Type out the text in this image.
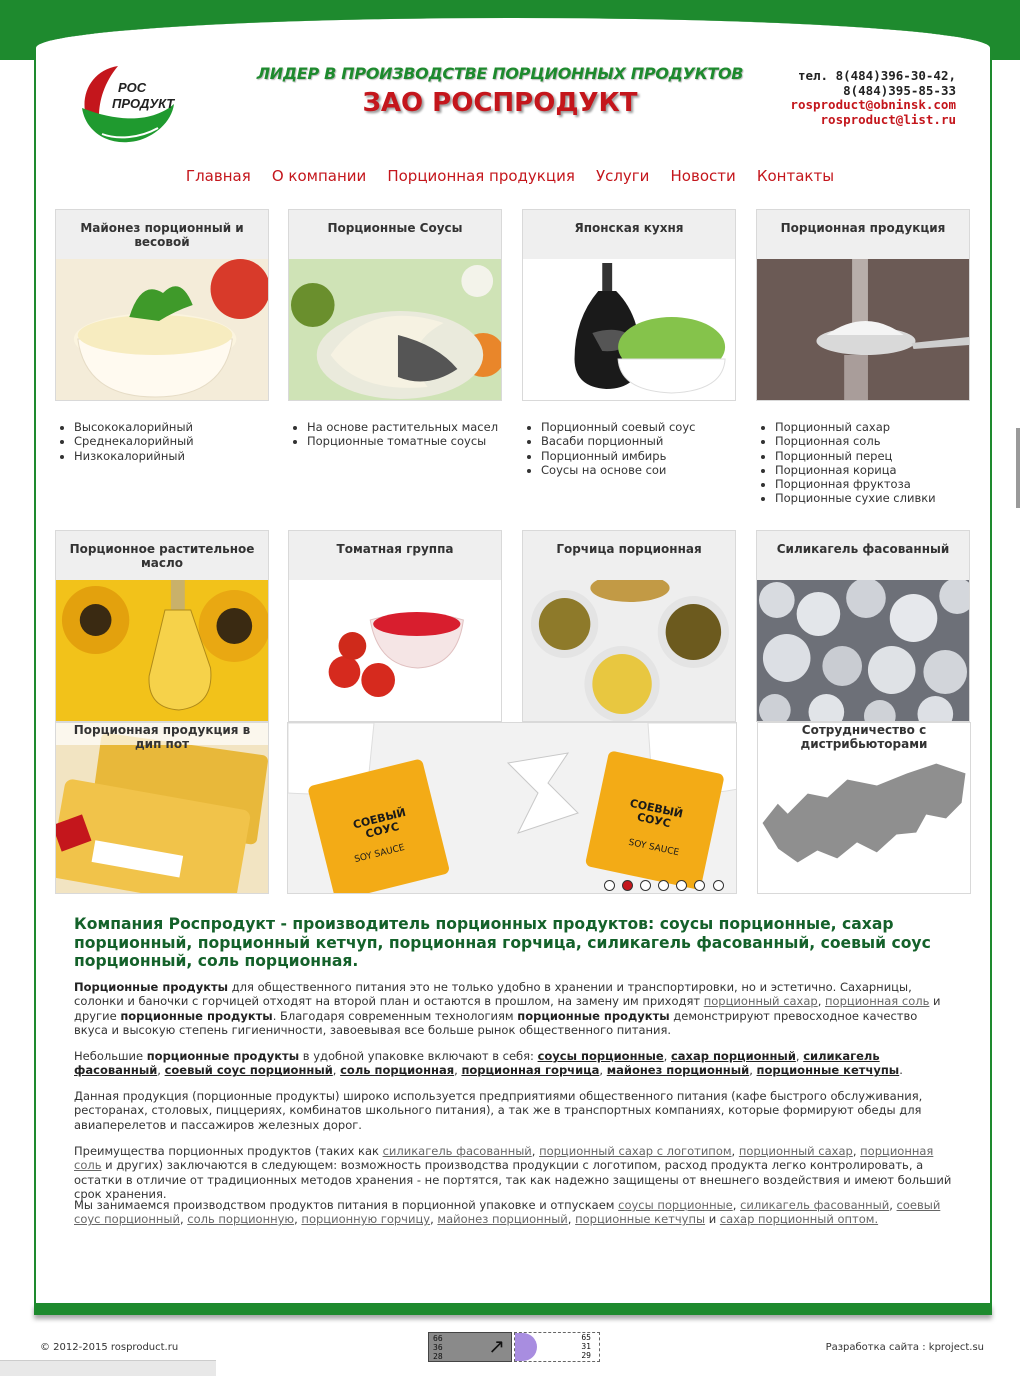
РОС
ПРОДУКТ
ЛИДЕР В ПРОИЗВОДСТВЕ ПОРЦИОННЫХ ПРОДУКТОВ
ЗАО РОСПРОДУКТ
тел. 8(484)396-30-42,
8(484)395-85-33
rosproduct@obninsk.com
rosproduct@list.ru
Главная О компании Порционная продукция Услуги Новости Контакты
Майонез порционный и весовой
Порционные Соусы	Японская кухня	Порционная продукция
• Высококалорийный
• Среднекалорийный
• Низкокалорийный
• На основе растительных масел
• Порционные томатные соусы
• Порционный соевый соус
• Васаби порционный
• Порционный имбирь
• Соусы на основе сои
• Порционный сахар
• Порционная соль
• Порционный перец
• Порционная корица
• Порционная фруктоза
• Порционные сухие сливки
Порционное растительное масло
Томатная группа	Горчица порционная	Силикагель фасованный
Порционная продукция в дип пот
СОЕВЫЙ СОУС
SOY SAUCE
СОЕВЫЙ СОУС
SOY SAUCE

Сотрудничество с дистрибьюторами
Компания Роспродукт - производитель порционных продуктов: соусы порционные, сахар порционный, порционный кетчуп, порционная горчица, силикагель фасованный, соевый соус порционный, соль порционная.

Порционные продукты для общественного питания это не только удобно в хранении и транспортировки, но и эстетично. Сахарницы, солонки и баночки с горчицей отходят на второй план и остаются в прошлом, на замену им приходят порционный сахар, порционная соль и другие порционные продукты. Благодаря современным технологиям порционные продукты демонстрируют превосходное качество вкуса и высокую степень гигиеничности, завоевывая все больше рынок общественного питания.

Небольшие порционные продукты в удобной упаковке включают в себя: соусы порционные, сахар порционный, силикагель фасованный, соевый соус порционный, соль порционная, порционная горчица, майонез порционный, порционные кетчупы.

Данная продукция (порционные продукты) широко используется предприятиями общественного питания (кафе быстрого обслуживания, ресторанах, столовых, пиццериях, комбинатов школьного питания), а так же в транспортных компаниях, которые формируют обеды для авиаперелетов и пассажиров железных дорог.

Преимущества порционных продуктов (таких как силикагель фасованный, порционный сахар с логотипом, порционный сахар, порционная соль и других) заключаются в следующем: возможность производства продукции с логотипом, расход продукта легко контролировать, а остатки в отличие от традиционных методов хранения - не портятся, так как надежно защищены от внешнего воздействия и имеют больший срок хранения.

Мы занимаемся производством продуктов питания в порционной упаковке и отпускаем соусы порционные, силикагель фасованный, соевый соус порционный, соль порционную, порционную горчицу, майонез порционный, порционные кетчупы и сахар порционный оптом.

© 2012-2015 rosproduct.ru
66
36
28 ↗	65
31
29
Разработка сайта : kproject.su
